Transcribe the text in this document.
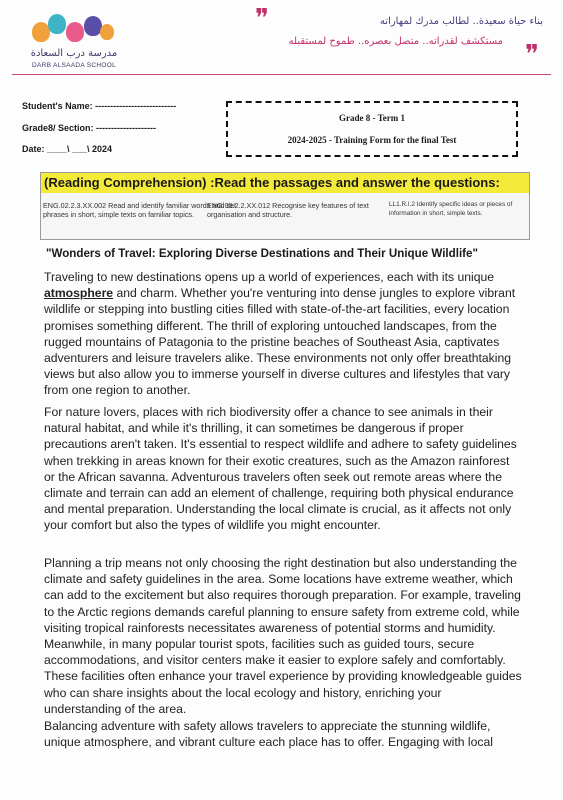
مدرسة درب السعادة
DARB ALSAADA SCHOOL
❞	بناء حياة سعيدة.. لطالب مدرك لمهاراته
مستكشف لقدراته.. متصل بعصره.. طموح لمستقبله ❞
Student's Name: ---------------------------
Grade8/ Section: --------------------
Date: ____\ ___\ 2024
Grade 8 - Term 1
2024-2025 - Training Form for the final Test
(Reading Comprehension) :Read the passages and answer the questions:
ENG.02.2.3.XX.002 Read and identify familiar words and set phrases in short, simple texts on familiar topics.
ENG.05.2.2.XX.012 Recognise key features of text organisation and structure.
LL1.R.I.2 Identify specific ideas or pieces of information in short, simple texts.
"Wonders of Travel: Exploring Diverse Destinations and Their Unique Wildlife"
Traveling to new destinations opens up a world of experiences, each with its unique atmosphere and charm. Whether you're venturing into dense jungles to explore vibrant wildlife or stepping into bustling cities filled with state-of-the-art facilities, every location promises something different. The thrill of exploring untouched landscapes, from the rugged mountains of Patagonia to the pristine beaches of Southeast Asia, captivates adventurers and leisure travelers alike. These environments not only offer breathtaking views but also allow you to immerse yourself in diverse cultures and lifestyles that vary from one region to another.
For nature lovers, places with rich biodiversity offer a chance to see animals in their natural habitat, and while it's thrilling, it can sometimes be dangerous if proper precautions aren't taken. It's essential to respect wildlife and adhere to safety guidelines when trekking in areas known for their exotic creatures, such as the Amazon rainforest or the African savanna. Adventurous travelers often seek out remote areas where the climate and terrain can add an element of challenge, requiring both physical endurance and mental preparation. Understanding the local climate is crucial, as it affects not only your comfort but also the types of wildlife you might encounter.
Planning a trip means not only choosing the right destination but also understanding the climate and safety guidelines in the area. Some locations have extreme weather, which can add to the excitement but also requires thorough preparation. For example, traveling to the Arctic regions demands careful planning to ensure safety from extreme cold, while visiting tropical rainforests necessitates awareness of potential storms and humidity. Meanwhile, in many popular tourist spots, facilities such as guided tours, secure accommodations, and visitor centers make it easier to explore safely and comfortably. These facilities often enhance your travel experience by providing knowledgeable guides who can share insights about the local ecology and history, enriching your understanding of the area.
Balancing adventure with safety allows travelers to appreciate the stunning wildlife, unique atmosphere, and vibrant culture each place has to offer. Engaging with local
